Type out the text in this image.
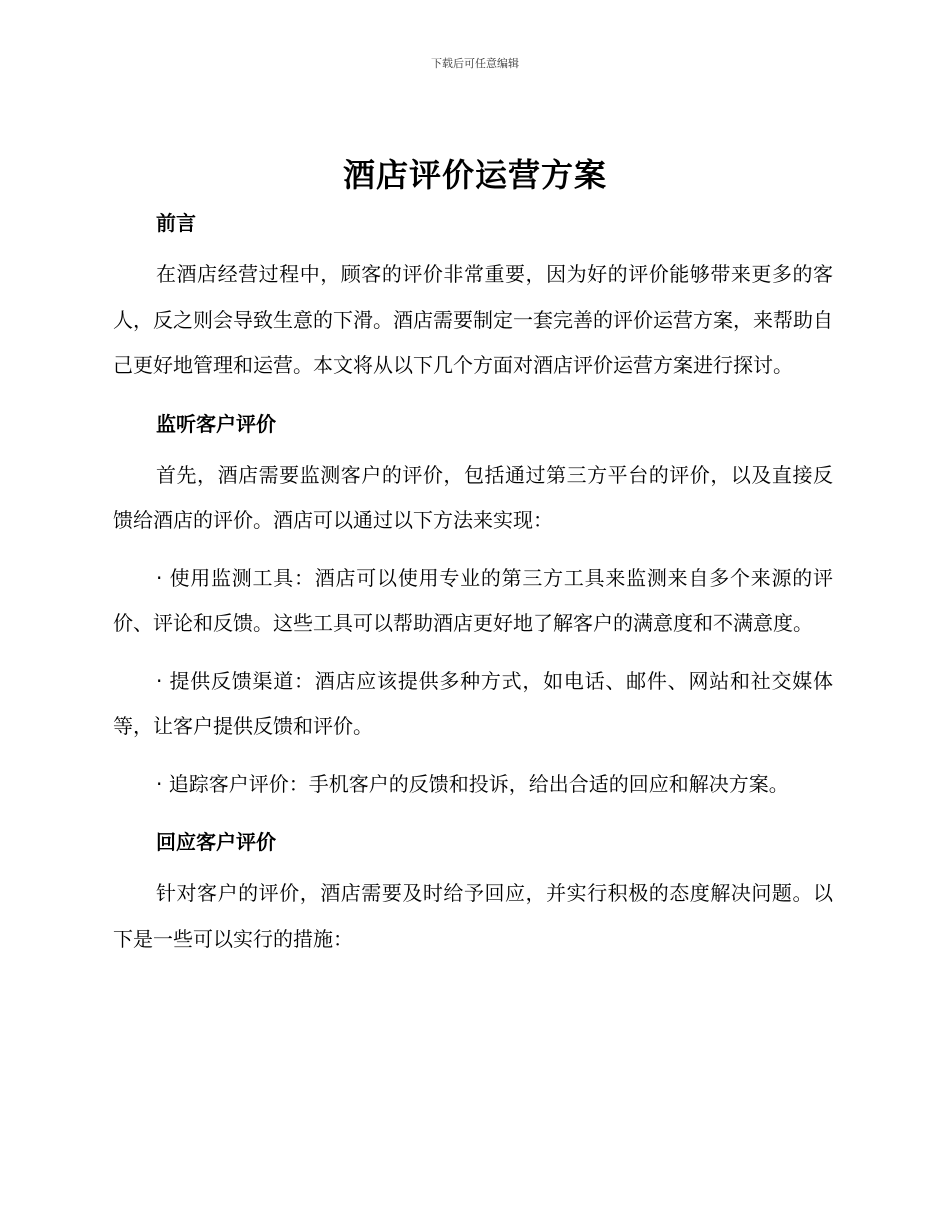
下载后可任意编辑
酒店评价运营方案
前言

在酒店经营过程中，顾客的评价非常重要，因为好的评价能够带来更多的客人，反之则会导致生意的下滑。酒店需要制定一套完善的评价运营方案，来帮助自己更好地管理和运营。本文将从以下几个方面对酒店评价运营方案进行探讨。

监听客户评价

首先，酒店需要监测客户的评价，包括通过第三方平台的评价，以及直接反馈给酒店的评价。酒店可以通过以下方法来实现：

· 使用监测工具：酒店可以使用专业的第三方工具来监测来自多个来源的评价、评论和反馈。这些工具可以帮助酒店更好地了解客户的满意度和不满意度。

· 提供反馈渠道：酒店应该提供多种方式，如电话、邮件、网站和社交媒体等，让客户提供反馈和评价。

· 追踪客户评价：手机客户的反馈和投诉，给出合适的回应和解决方案。

回应客户评价

针对客户的评价，酒店需要及时给予回应，并实行积极的态度解决问题。以下是一些可以实行的措施：
